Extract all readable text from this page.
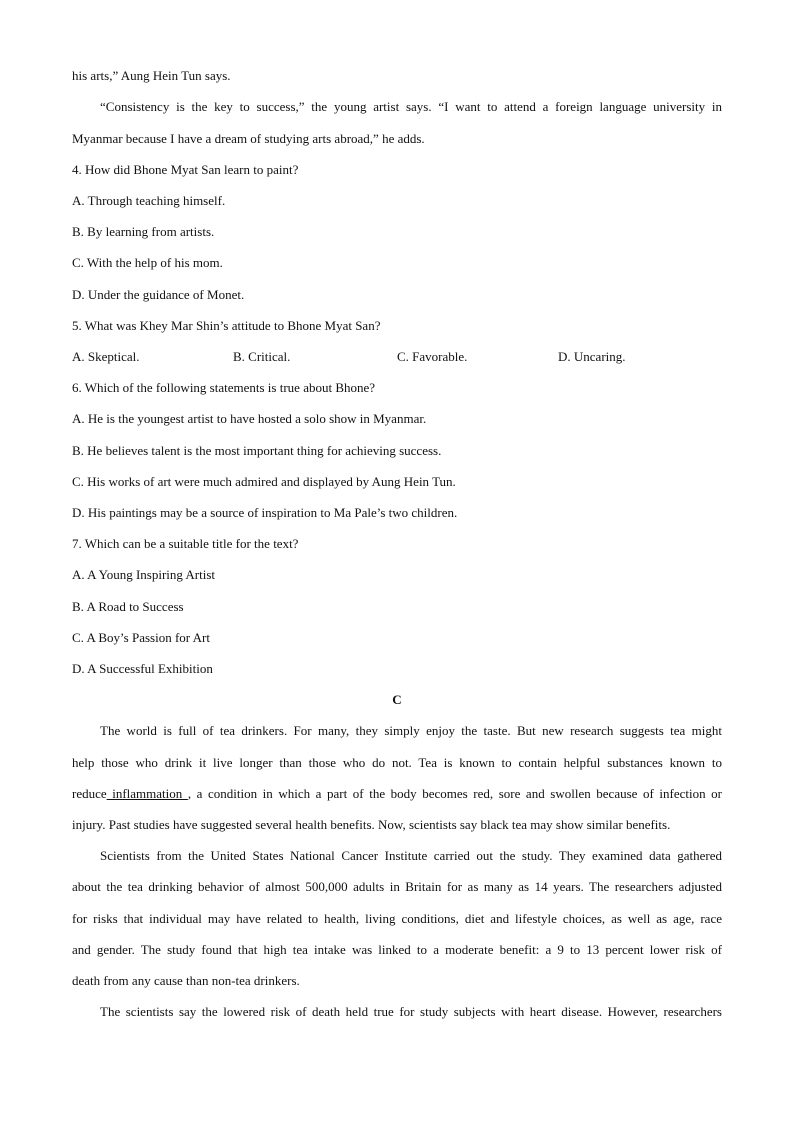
his arts,” Aung Hein Tun says.
“Consistency is the key to success,” the young artist says. “I want to attend a foreign language university in
Myanmar because I have a dream of studying arts abroad,” he adds.
4. How did Bhone Myat San learn to paint?
A. Through teaching himself.
B. By learning from artists.
C. With the help of his mom.
D. Under the guidance of Monet.
5. What was Khey Mar Shin’s attitude to Bhone Myat San?
A. Skeptical.	B. Critical.	C. Favorable.	D. Uncaring.
6. Which of the following statements is true about Bhone?
A. He is the youngest artist to have hosted a solo show in Myanmar.
B. He believes talent is the most important thing for achieving success.
C. His works of art were much admired and displayed by Aung Hein Tun.
D. His paintings may be a source of inspiration to Ma Pale’s two children.
7. Which can be a suitable title for the text?
A. A Young Inspiring Artist
B. A Road to Success
C. A Boy’s Passion for Art
D. A Successful Exhibition
C
The world is full of tea drinkers. For many, they simply enjoy the taste. But new research suggests tea might
help those who drink it live longer than those who do not. Tea is known to contain helpful substances known to
reduce inflammation , a condition in which a part of the body becomes red, sore and swollen because of infection or
injury. Past studies have suggested several health benefits. Now, scientists say black tea may show similar benefits.
Scientists from the United States National Cancer Institute carried out the study. They examined data gathered
about the tea drinking behavior of almost 500,000 adults in Britain for as many as 14 years. The researchers adjusted
for risks that individual may have related to health, living conditions, diet and lifestyle choices, as well as age, race
and gender. The study found that high tea intake was linked to a moderate benefit: a 9 to 13 percent lower risk of
death from any cause than non-tea drinkers.
The scientists say the lowered risk of death held true for study subjects with heart disease. However, researchers
